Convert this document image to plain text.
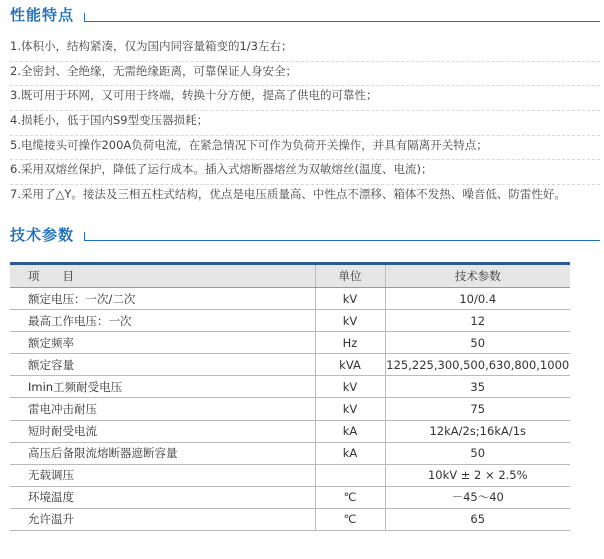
性能特点
1.体积小，结构紧凑，仅为国内同容量箱变的1/3左右；
2.全密封、全绝缘，无需绝缘距离，可靠保证人身安全；
3.既可用于环网，又可用于终端，转换十分方便，提高了供电的可靠性；
4.损耗小，低于国内S9型变压器损耗；
5.电缆接头可操作200A负荷电流，在紧急情况下可作为负荷开关操作，并具有隔离开关特点；
6.采用双熔丝保护，降低了运行成本。插入式熔断器熔丝为双敏熔丝(温度、电流)；
7.采用了△Y。接法及三相五柱式结构，优点是电压质量高、中性点不漂移、箱体不发热、噪音低、防雷性好。
技术参数
项　　目	单位	技术参数
额定电压：一次/二次	kV	10/0.4
最高工作电压：一次	kV	12
额定频率	Hz	50
额定容量	kVA	125,225,300,500,630,800,1000
Imin工频耐受电压	kV	35
雷电冲击耐压	kV	75
短时耐受电流	kA	12kA/2s;16kA/1s
高压后备限流熔断器遮断容量	kA	50
无载调压		10kV ± 2 × 2.5%
环境温度	℃	－45～40
允许温升	℃	65
